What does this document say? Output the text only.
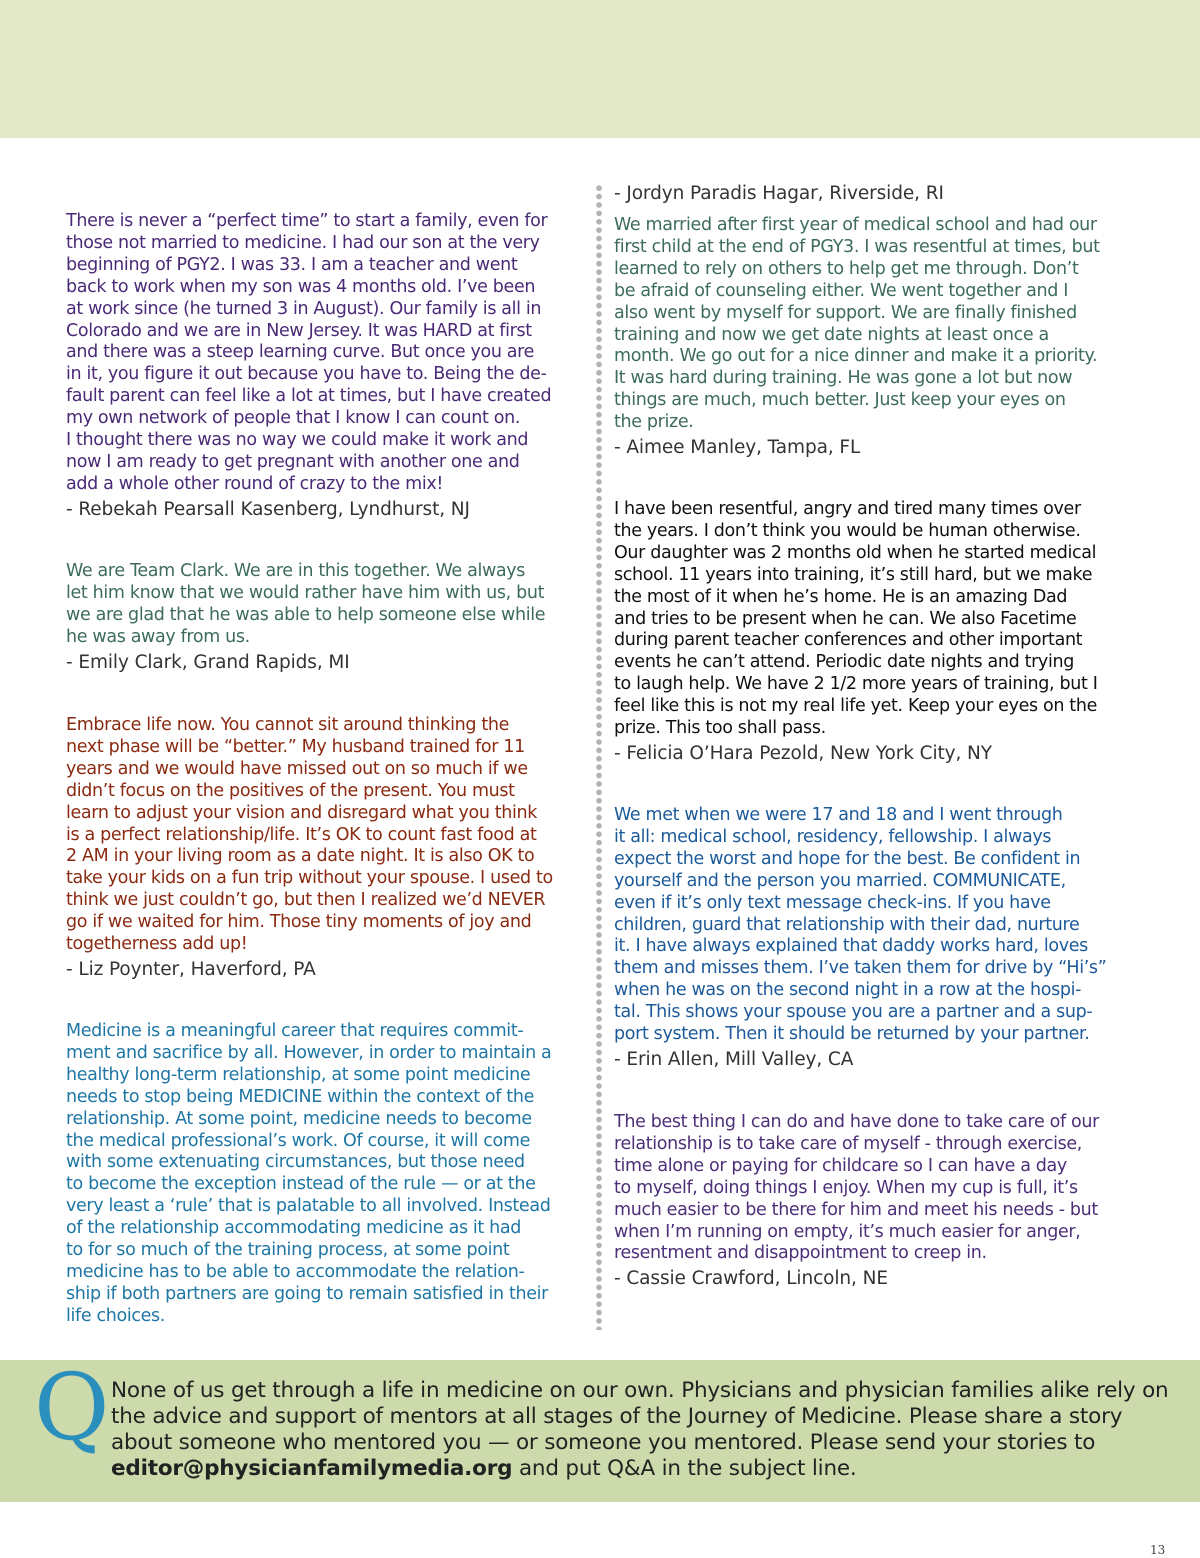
There is never a “perfect time” to start a family, even for
those not married to medicine. I had our son at the very
beginning of PGY2. I was 33. I am a teacher and went
back to work when my son was 4 months old. I’ve been
at work since (he turned 3 in August). Our family is all in
Colorado and we are in New Jersey. It was HARD at first
and there was a steep learning curve. But once you are
in it, you figure it out because you have to. Being the de-
fault parent can feel like a lot at times, but I have created
my own network of people that I know I can count on.
I thought there was no way we could make it work and
now I am ready to get pregnant with another one and
add a whole other round of crazy to the mix!

- Rebekah Pearsall Kasenberg, Lyndhurst, NJ

We are Team Clark. We are in this together. We always
let him know that we would rather have him with us, but
we are glad that he was able to help someone else while
he was away from us.

- Emily Clark, Grand Rapids, MI

Embrace life now. You cannot sit around thinking the
next phase will be “better.” My husband trained for 11
years and we would have missed out on so much if we
didn’t focus on the positives of the present. You must
learn to adjust your vision and disregard what you think
is a perfect relationship/life. It’s OK to count fast food at
2 AM in your living room as a date night. It is also OK to
take your kids on a fun trip without your spouse. I used to
think we just couldn’t go, but then I realized we’d NEVER
go if we waited for him. Those tiny moments of joy and
togetherness add up!

- Liz Poynter, Haverford, PA

Medicine is a meaningful career that requires commit-
ment and sacrifice by all. However, in order to maintain a
healthy long-term relationship, at some point medicine
needs to stop being MEDICINE within the context of the
relationship. At some point, medicine needs to become
the medical professional’s work. Of course, it will come
with some extenuating circumstances, but those need
to become the exception instead of the rule — or at the
very least a ‘rule’ that is palatable to all involved. Instead
of the relationship accommodating medicine as it had
to for so much of the training process, at some point
medicine has to be able to accommodate the relation-
ship if both partners are going to remain satisfied in their
life choices.

- Jordyn Paradis Hagar, Riverside, RI

We married after first year of medical school and had our
first child at the end of PGY3. I was resentful at times, but
learned to rely on others to help get me through. Don’t
be afraid of counseling either. We went together and I
also went by myself for support. We are finally finished
training and now we get date nights at least once a
month. We go out for a nice dinner and make it a priority.
It was hard during training. He was gone a lot but now
things are much, much better. Just keep your eyes on
the prize.

- Aimee Manley, Tampa, FL

I have been resentful, angry and tired many times over
the years. I don’t think you would be human otherwise.
Our daughter was 2 months old when he started medical
school. 11 years into training, it’s still hard, but we make
the most of it when he’s home. He is an amazing Dad
and tries to be present when he can. We also Facetime
during parent teacher conferences and other important
events he can’t attend. Periodic date nights and trying
to laugh help. We have 2 1/2 more years of training, but I
feel like this is not my real life yet. Keep your eyes on the
prize. This too shall pass.

- Felicia O’Hara Pezold, New York City, NY

We met when we were 17 and 18 and I went through
it all: medical school, residency, fellowship. I always
expect the worst and hope for the best. Be confident in
yourself and the person you married. COMMUNICATE,
even if it’s only text message check-ins. If you have
children, guard that relationship with their dad, nurture
it. I have always explained that daddy works hard, loves
them and misses them. I’ve taken them for drive by “Hi’s”
when he was on the second night in a row at the hospi-
tal. This shows your spouse you are a partner and a sup-
port system. Then it should be returned by your partner.

- Erin Allen, Mill Valley, CA

The best thing I can do and have done to take care of our
relationship is to take care of myself - through exercise,
time alone or paying for childcare so I can have a day
to myself, doing things I enjoy. When my cup is full, it’s
much easier to be there for him and meet his needs - but
when I’m running on empty, it’s much easier for anger,
resentment and disappointment to creep in.

- Cassie Crawford, Lincoln, NE

Q None of us get through a life in medicine on our own. Physicians and physician families alike rely on the advice and support of mentors at all stages of the Journey of Medicine. Please share a story about someone who mentored you — or someone you mentored. Please send your stories to editor@physicianfamilymedia.org and put Q&A in the subject line.

13
